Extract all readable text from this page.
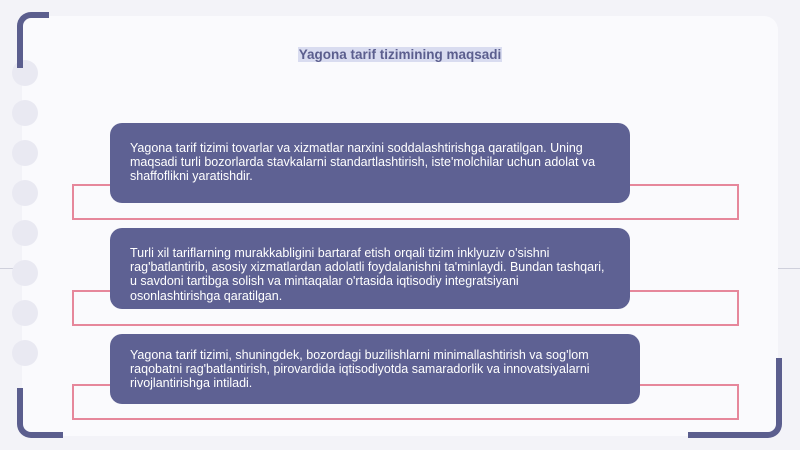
Yagona tarif tizimining maqsadi
Yagona tarif tizimi tovarlar va xizmatlar narxini soddalashtirishga qaratilgan. Uning maqsadi turli bozorlarda stavkalarni standartlashtirish, iste'molchilar uchun adolat va shaffoflikni yaratishdir.
Turli xil tariflarning murakkabligini bartaraf etish orqali tizim inklyuziv o'sishni rag'batlantirib, asosiy xizmatlardan adolatli foydalanishni ta'minlaydi. Bundan tashqari, u savdoni tartibga solish va mintaqalar o'rtasida iqtisodiy integratsiyani osonlashtirishga qaratilgan.
Yagona tarif tizimi, shuningdek, bozordagi buzilishlarni minimallashtirish va sog'lom raqobatni rag'batlantirish, pirovardida iqtisodiyotda samaradorlik va innovatsiyalarni rivojlantirishga intiladi.
